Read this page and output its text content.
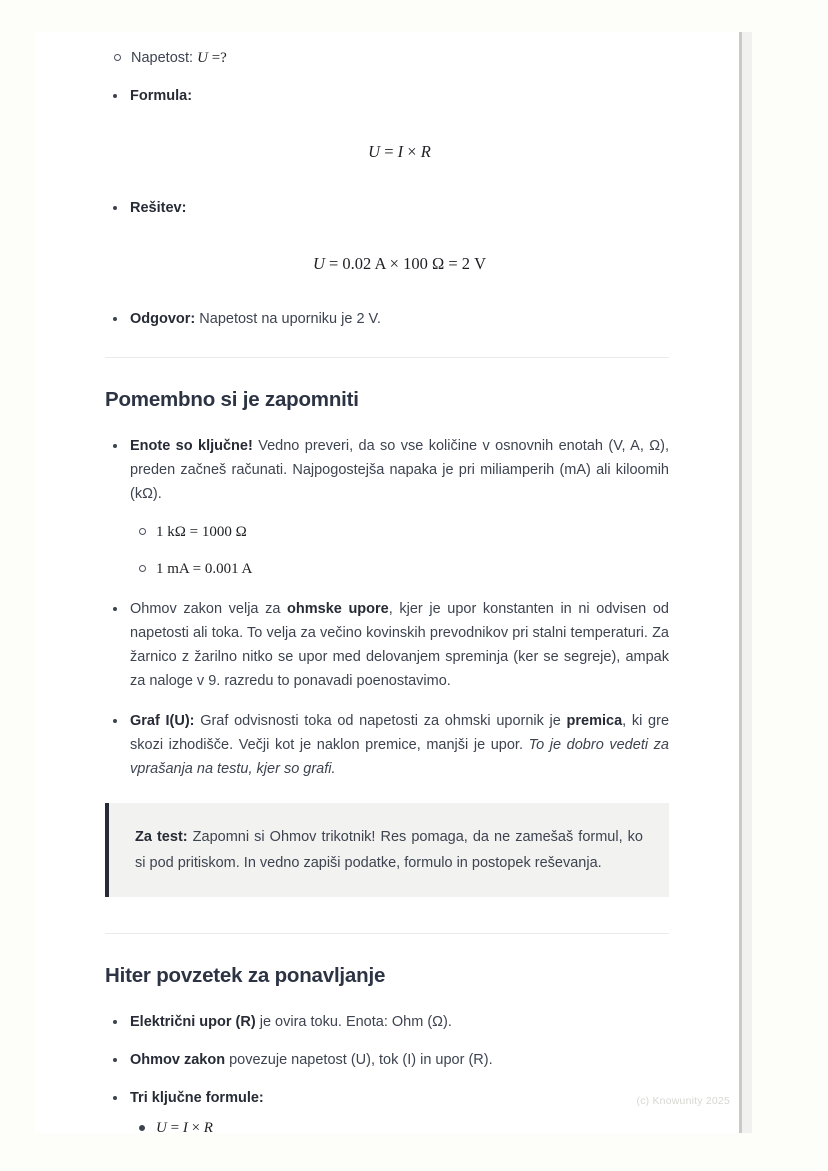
Napetost: U =?
Formula:
U = I × R
Rešitev:
U = 0.02 A × 100 Ω = 2 V
Odgovor: Napetost na uporniku je 2 V.
Pomembno si je zapomniti
Enote so ključne! Vedno preveri, da so vse količine v osnovnih enotah (V, A, Ω), preden začneš računati. Najpogostejša napaka je pri miliamperih (mA) ali kiloomih (kΩ).
1 kΩ = 1000 Ω
1 mA = 0.001 A
Ohmov zakon velja za ohmske upore, kjer je upor konstanten in ni odvisen od napetosti ali toka. To velja za večino kovinskih prevodnikov pri stalni temperaturi. Za žarnico z žarilno nitko se upor med delovanjem spreminja (ker se segreje), ampak za naloge v 9. razredu to ponavadi poenostavimo.
Graf I(U): Graf odvisnosti toka od napetosti za ohmski upornik je premica, ki gre skozi izhodišče. Večji kot je naklon premice, manjši je upor. To je dobro vedeti za vprašanja na testu, kjer so grafi.

Za test: Zapomni si Ohmov trikotnik! Res pomaga, da ne zamešaš formul, ko si pod pritiskom. In vedno zapiši podatke, formulo in postopek reševanja.

Hiter povzetek za ponavljanje
Električni upor (R) je ovira toku. Enota: Ohm (Ω).
Ohmov zakon povezuje napetost (U), tok (I) in upor (R).
Tri ključne formule:
U = I × R
(c) Knowunity 2025
